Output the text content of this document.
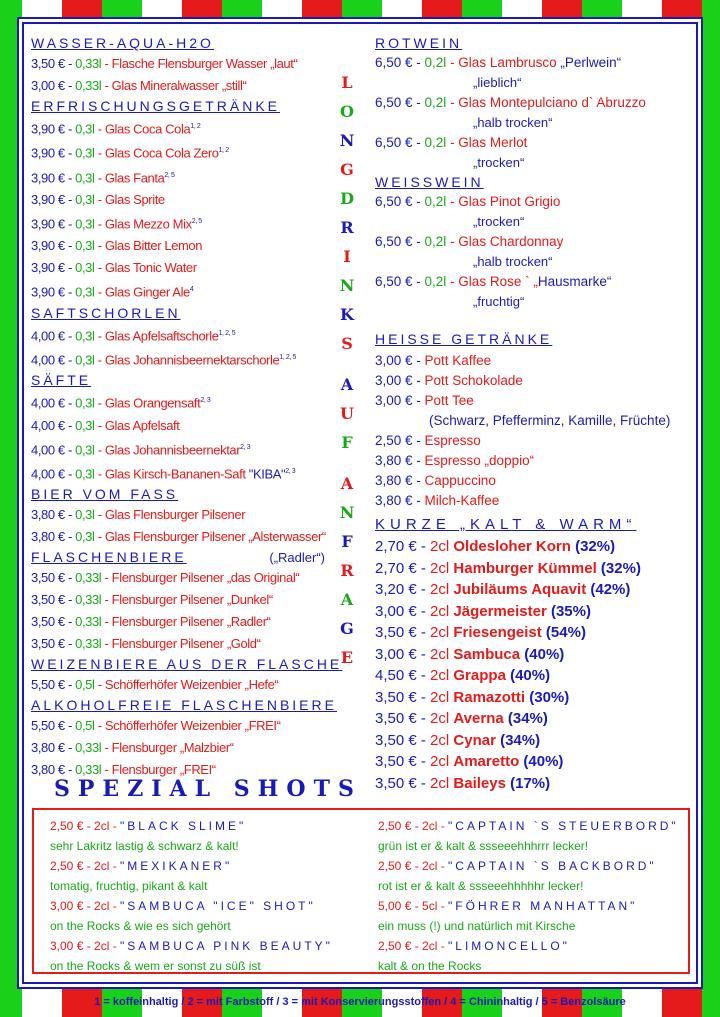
WASSER-AQUA-H2O
3,50 € - 0,33l - Flasche Flensburger Wasser „laut“
3,00 € - 0,33l - Glas Mineralwasser „still“
ERFRISCHUNGSGETRÄNKE
3,90 € - 0,3l - Glas Coca Cola$^{1, 2}$
3,90 € - 0,3l - Glas Coca Cola Zero$^{1, 2}$
3,90 € - 0,3l - Glas Fanta$^{2, 5}$
3,90 € - 0,3l - Glas Sprite
3,90 € - 0,3l - Glas Mezzo Mix$^{2, 5}$
3,90 € - 0,3l - Glas Bitter Lemon
3,90 € - 0,3l - Glas Tonic Water
3,90 € - 0,3l - Glas Ginger Ale$^4$
SAFTSCHORLEN
4,00 € - 0,3l - Glas Apfelsaftschorle$^{1, 2, 5}$
4,00 € - 0,3l - Glas Johannisbeernektarschorle$^{1, 2, 5}$
SÄFTE
4,00 € - 0,3l - Glas Orangensaft$^{2, 3}$
4,00 € - 0,3l - Glas Apfelsaft
4,00 € - 0,3l - Glas Johannisbeernektar$^{2, 3}$
4,00 € - 0,3l - Glas Kirsch-Bananen-Saft "KIBA"$^{2, 3}$
BIER VOM FASS
3,80 € - 0,3l - Glas Flensburger Pilsener
3,80 € - 0,3l - Glas Flensburger Pilsener „Alsterwasser“
FLASCHENBIERE	(„Radler“)
3,50 € - 0,33l - Flensburger Pilsener „das Original“
3,50 € - 0,33l - Flensburger Pilsener „Dunkel“
3,50 € - 0,33l - Flensburger Pilsener „Radler“
3,50 € - 0,33l - Flensburger Pilsener „Gold“
WEIZENBIERE AUS DER FLASCHE
5,50 € - 0,5l - Schöfferhöfer Weizenbier „Hefe“
ALKOHOLFREIE FLASCHENBIERE
5,50 € - 0,5l - Schöfferhöfer Weizenbier „FREI“
3,80 € - 0,33l - Flensburger „Malzbier“
3,80 € - 0,33l - Flensburger „FREI“
L
O
N
G
D
R
I
N
K
S

A
U
F

A
N
F
R
A
G
E
ROTWEIN
6,50 € - 0,2l - Glas Lambrusco „Perlwein“
„lieblich“
6,50 € - 0,2l - Glas Montepulciano d` Abruzzo
„halb trocken“
6,50 € - 0,2l - Glas Merlot
„trocken“
WEISSWEIN
6,50 € - 0,2l - Glas Pinot Grigio
„trocken“
6,50 € - 0,2l - Glas Chardonnay
„halb trocken“
6,50 € - 0,2l - Glas Rose ` „Hausmarke“
„fruchtig“
HEISSE GETRÄNKE
3,00 € - Pott Kaffee
3,00 € - Pott Schokolade
3,00 € - Pott Tee
(Schwarz, Pfefferminz, Kamille, Früchte)
2,50 € - Espresso
3,80 € - Espresso „doppio“
3,80 € - Cappuccino
3,80 € - Milch-Kaffee
KURZE „KALT & WARM“
2,70 € - 2cl Oldesloher Korn (32%)
2,70 € - 2cl Hamburger Kümmel (32%)
3,20 € - 2cl Jubiläums Aquavit (42%)
3,00 € - 2cl Jägermeister (35%)
3,50 € - 2cl Friesengeist (54%)
3,00 € - 2cl Sambuca (40%)
4,50 € - 2cl Grappa (40%)
3,50 € - 2cl Ramazotti (30%)
3,50 € - 2cl Averna (34%)
3,50 € - 2cl Cynar (34%)
3,50 € - 2cl Amaretto (40%)
3,50 € - 2cl Baileys (17%)
SPEZIAL SHOTS
2,50 € - 2cl - "BLACK SLIME"
sehr Lakritz lastig & schwarz & kalt!
2,50 € - 2cl - "MEXIKANER"
tomatig, fruchtig, pikant & kalt
3,00 € - 2cl - "SAMBUCA "ICE" SHOT"
on the Rocks & wie es sich gehört
3,00 € - 2cl - "SAMBUCA PINK BEAUTY"
on the Rocks & wem er sonst zu süß ist
2,50 € - 2cl - "CAPTAIN `S STEUERBORD"
grün ist er & kalt & ssseeehhhrrr lecker!
2,50 € - 2cl - "CAPTAIN `S BACKBORD"
rot ist er & kalt & ssseeehhhhhr lecker!
5,00 € - 5cl - "FÖHRER MANHATTAN"
ein muss (!) und natürlich mit Kirsche
2,50 € - 2cl - "LIMONCELLO"
kalt & on the Rocks
1 = koffeinhaltig / 2 = mit Farbstoff / 3 = mit Konservierungsstoffen / 4 = Chininhaltig / 5 = Benzolsäure
